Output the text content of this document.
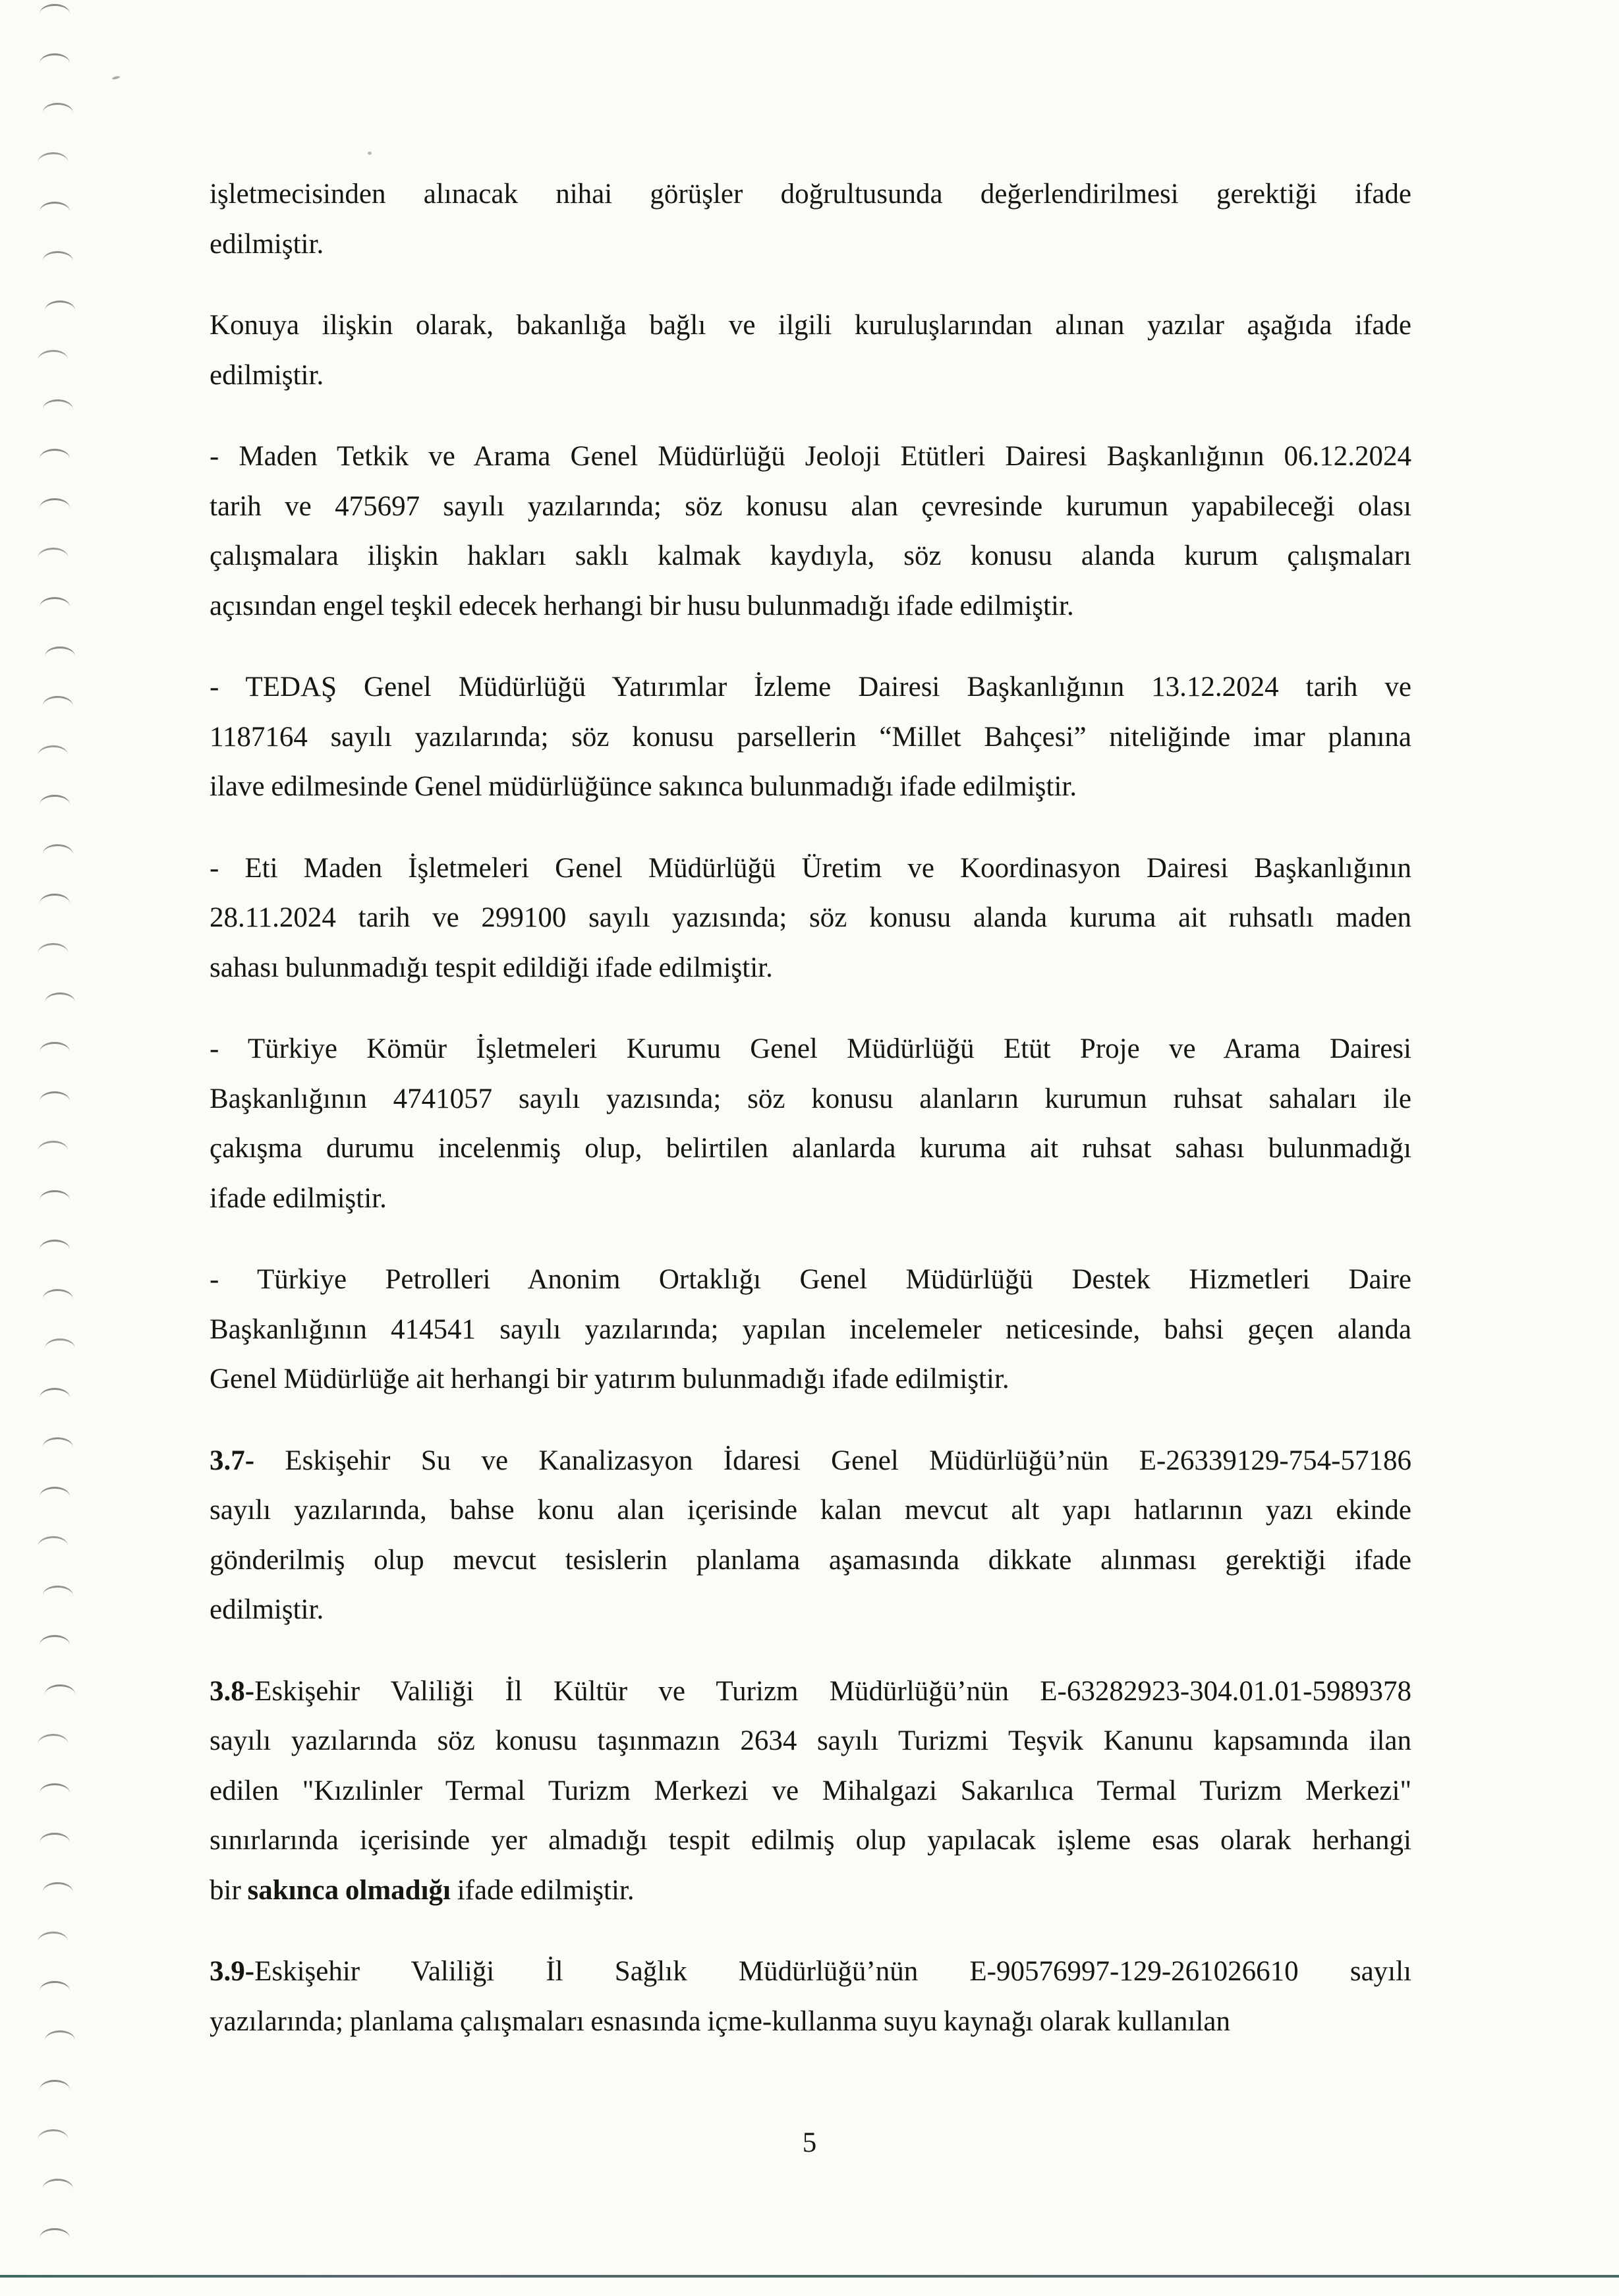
işletmecisinden alınacak nihai görüşler doğrultusunda değerlendirilmesi gerektiği ifade
edilmiştir.
Konuya ilişkin olarak, bakanlığa bağlı ve ilgili kuruluşlarından alınan yazılar aşağıda ifade
edilmiştir.
- Maden Tetkik ve Arama Genel Müdürlüğü Jeoloji Etütleri Dairesi Başkanlığının 06.12.2024
tarih ve 475697 sayılı yazılarında; söz konusu alan çevresinde kurumun yapabileceği olası
çalışmalara ilişkin hakları saklı kalmak kaydıyla, söz konusu alanda kurum çalışmaları
açısından engel teşkil edecek herhangi bir husu bulunmadığı ifade edilmiştir.
- TEDAŞ Genel Müdürlüğü Yatırımlar İzleme Dairesi Başkanlığının 13.12.2024 tarih ve
1187164 sayılı yazılarında; söz konusu parsellerin “Millet Bahçesi” niteliğinde imar planına
ilave edilmesinde Genel müdürlüğünce sakınca bulunmadığı ifade edilmiştir.
- Eti Maden İşletmeleri Genel Müdürlüğü Üretim ve Koordinasyon Dairesi Başkanlığının
28.11.2024 tarih ve 299100 sayılı yazısında; söz konusu alanda kuruma ait ruhsatlı maden
sahası bulunmadığı tespit edildiği ifade edilmiştir.
- Türkiye Kömür İşletmeleri Kurumu Genel Müdürlüğü Etüt Proje ve Arama Dairesi
Başkanlığının 4741057 sayılı yazısında; söz konusu alanların kurumun ruhsat sahaları ile
çakışma durumu incelenmiş olup, belirtilen alanlarda kuruma ait ruhsat sahası bulunmadığı
ifade edilmiştir.
- Türkiye Petrolleri Anonim Ortaklığı Genel Müdürlüğü Destek Hizmetleri Daire
Başkanlığının 414541 sayılı yazılarında; yapılan incelemeler neticesinde, bahsi geçen alanda
Genel Müdürlüğe ait herhangi bir yatırım bulunmadığı ifade edilmiştir.
3.7- Eskişehir Su ve Kanalizasyon İdaresi Genel Müdürlüğü’nün E-26339129-754-57186
sayılı yazılarında, bahse konu alan içerisinde kalan mevcut alt yapı hatlarının yazı ekinde
gönderilmiş olup mevcut tesislerin planlama aşamasında dikkate alınması gerektiği ifade
edilmiştir.
3.8-Eskişehir Valiliği İl Kültür ve Turizm Müdürlüğü’nün E-63282923-304.01.01-5989378
sayılı yazılarında söz konusu taşınmazın 2634 sayılı Turizmi Teşvik Kanunu kapsamında ilan
edilen "Kızılinler Termal Turizm Merkezi ve Mihalgazi Sakarılıca Termal Turizm Merkezi"
sınırlarında içerisinde yer almadığı tespit edilmiş olup yapılacak işleme esas olarak herhangi
bir sakınca olmadığı ifade edilmiştir.
3.9-Eskişehir Valiliği İl Sağlık Müdürlüğü’nün E-90576997-129-261026610 sayılı
yazılarında; planlama çalışmaları esnasında içme-kullanma suyu kaynağı olarak kullanılan
5
